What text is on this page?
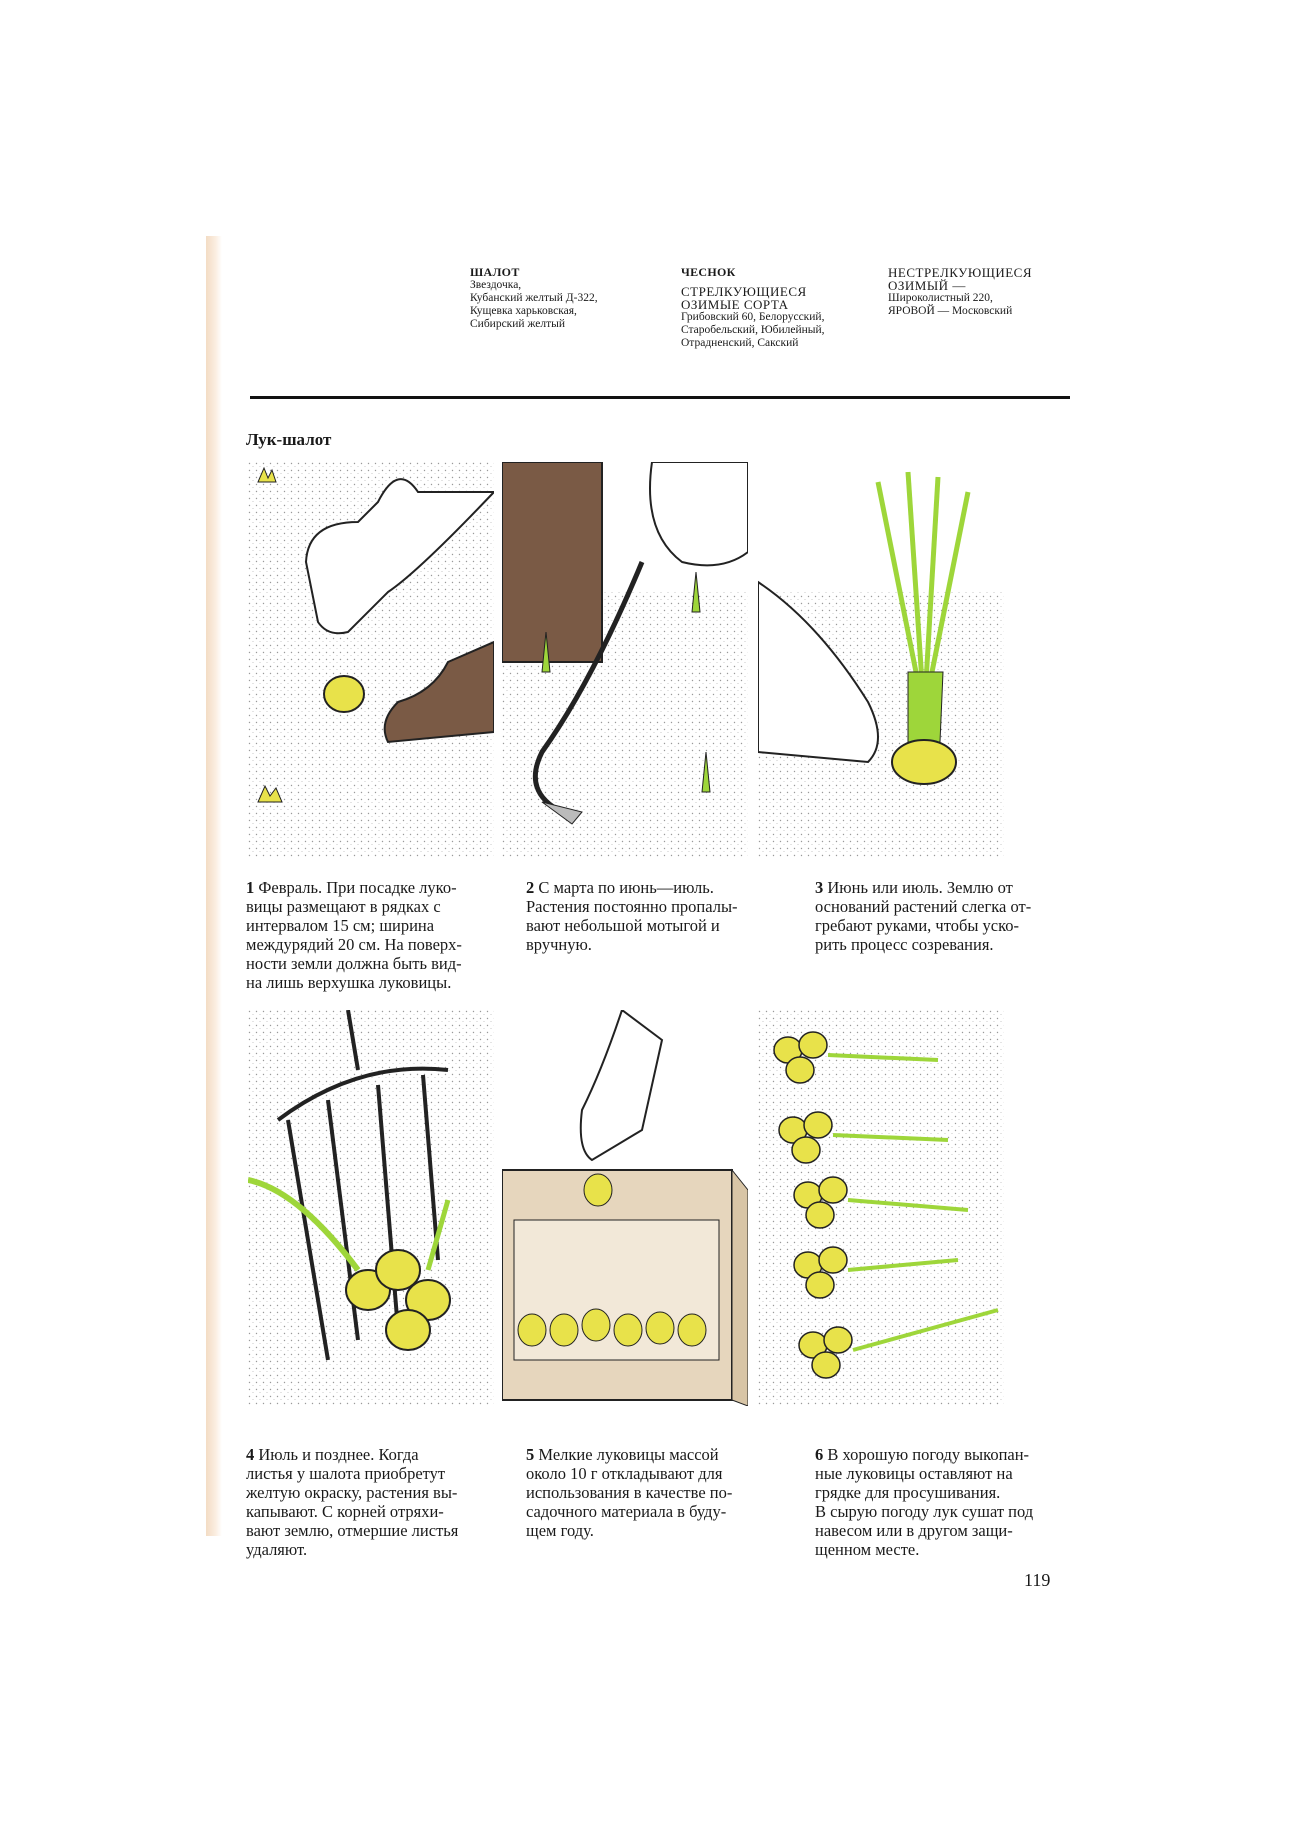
ШАЛОТ
Звездочка,
Кубанский желтый Д-322,
Кущевка харьковская,
Сибирский желтый
ЧЕСНОК
СТРЕЛКУЮЩИЕСЯ
ОЗИМЫЕ СОРТА
Грибовский 60, Белорусский,
Старобельский, Юбилейный,
Отрадненский, Сакский
НЕСТРЕЛКУЮЩИЕСЯ
ОЗИМЫЙ —
Широколистный 220,
ЯРОВОЙ — Московский
Лук-шалот
1 Февраль. При посадке луко-
вицы размещают в рядках с
интервалом 15 см; ширина
междурядий 20 см. На поверх-
ности земли должна быть вид-
на лишь верхушка луковицы.
2 С марта по июнь—июль.
Растения постоянно пропалы-
вают небольшой мотыгой и
вручную.
3 Июнь или июль. Землю от
оснований растений слегка от-
гребают руками, чтобы уско-
рить процесс созревания.
4 Июль и позднее. Когда
листья у шалота приобретут
желтую окраску, растения вы-
капывают. С корней отряхи-
вают землю, отмершие листья
удаляют.
5 Мелкие луковицы массой
около 10 г откладывают для
использования в качестве по-
садочного материала в буду-
щем году.
6 В хорошую погоду выкопан-
ные луковицы оставляют на
грядке для просушивания.
В сырую погоду лук сушат под
навесом или в другом защи-
щенном месте.
119
